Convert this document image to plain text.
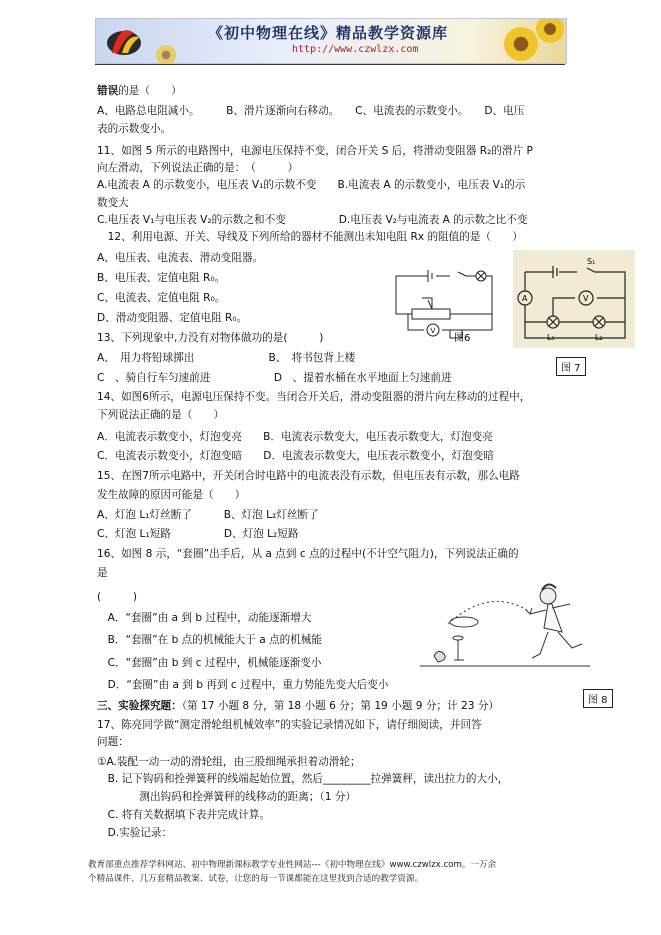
《初中物理在线》精品教学资源库
http://www.czwlzx.com
错误的是（　　）
A、电路总电阻减小。　　　B、滑片逐渐向右移动。　　C、电流表的示数变小。　　D、电压
表的示数变小。
11、如图 5 所示的电路图中，电源电压保持不变，闭合开关 S 后，将滑动变阻器 R₂的滑片 P
向左滑动，下列说法正确的是：　（　　　）
A.电流表 A 的示数变小，电压表 V₁的示数不变　　B.电流表 A 的示数变小，电压表 V₁的示
数变大
C.电压表 V₁与电压表 V₂的示数之和不变　　　　　D.电压表 V₂与电流表 A 的示数之比不变
　12、利用电源、开关、导线及下列所给的器材不能测出未知电阻 Rx 的阻值的是（　　）
A、电压表、电流表、滑动变阻器。
B、电压表、定值电阻 R₀。
C、电流表、定值电阻 R₀。
D、滑动变阻器、定值电阻 R₀。
13、下列现象中,力没有对物体做功的是(　　　)
A、　用力将铅球掷出　　　　　　　B、　将书包背上楼
C　、骑自行车匀速前进　　　　　　D　、提着水桶在水平地面上匀速前进
14、如图6所示，电源电压保持不变。当闭合开关后，滑动变阻器的滑片向左移动的过程中，
下列说法正确的是（　　）
A．电流表示数变小，灯泡变亮　　B．电流表示数变大，电压表示数变大，灯泡变亮
C．电流表示数变小，灯泡变暗　　D．电流表示数变大，电压表示数变小，灯泡变暗
15、在图7所示电路中，开关闭合时电路中的电流表没有示数，但电压表有示数，那么电路
发生故障的原因可能是（　　）
A、灯泡 L₁灯丝断了　　　B、灯泡 L₂灯丝断了
C、灯泡 L₁短路　　　　　D、灯泡 L₂短路
16、如图 8 示，“套圈”出手后，从 a 点到 c 点的过程中(不计空气阻力)，下列说法正确的
是
(　　　)
　A．“套圈”由 a 到 b 过程中，动能逐渐增大
　B．“套圈”在 b 点的机械能大于 a 点的机械能
　C．“套圈”由 b 到 c 过程中，机械能逐渐变小
　D．“套圈”由 a 到 b 再到 c 过程中，重力势能先变大后变小
三、实验探究题：（第 17 小题 8 分，第 18 小题 6 分；第 19 小题 9 分；计 23 分）
17、陈亮同学做“测定滑轮组机械效率”的实验记录情况如下，请仔细阅读，并回答
问题：
①A.装配一动一动的滑轮组，由三股细绳承担着动滑轮；
　B. 记下钩码和拴弹簧秤的线端起始位置，然后_________拉弹簧秤，读出拉力的大小，
　　　　测出钩码和拴弹簧秤的线移动的距离；（1 分）
　C. 将有关数据填下表并完成计算。
　D.实验记录：
V
图6
S₁
A	V
L₁	L₂
图 7
图 8
教育部重点推荐学科网站、初中物理新课标教学专业性网站---《初中物理在线》www.czwlzx.com。一万余
个精品课件、几万套精品教案、试卷，让您的每一节课都能在这里找到合适的教学资源。
